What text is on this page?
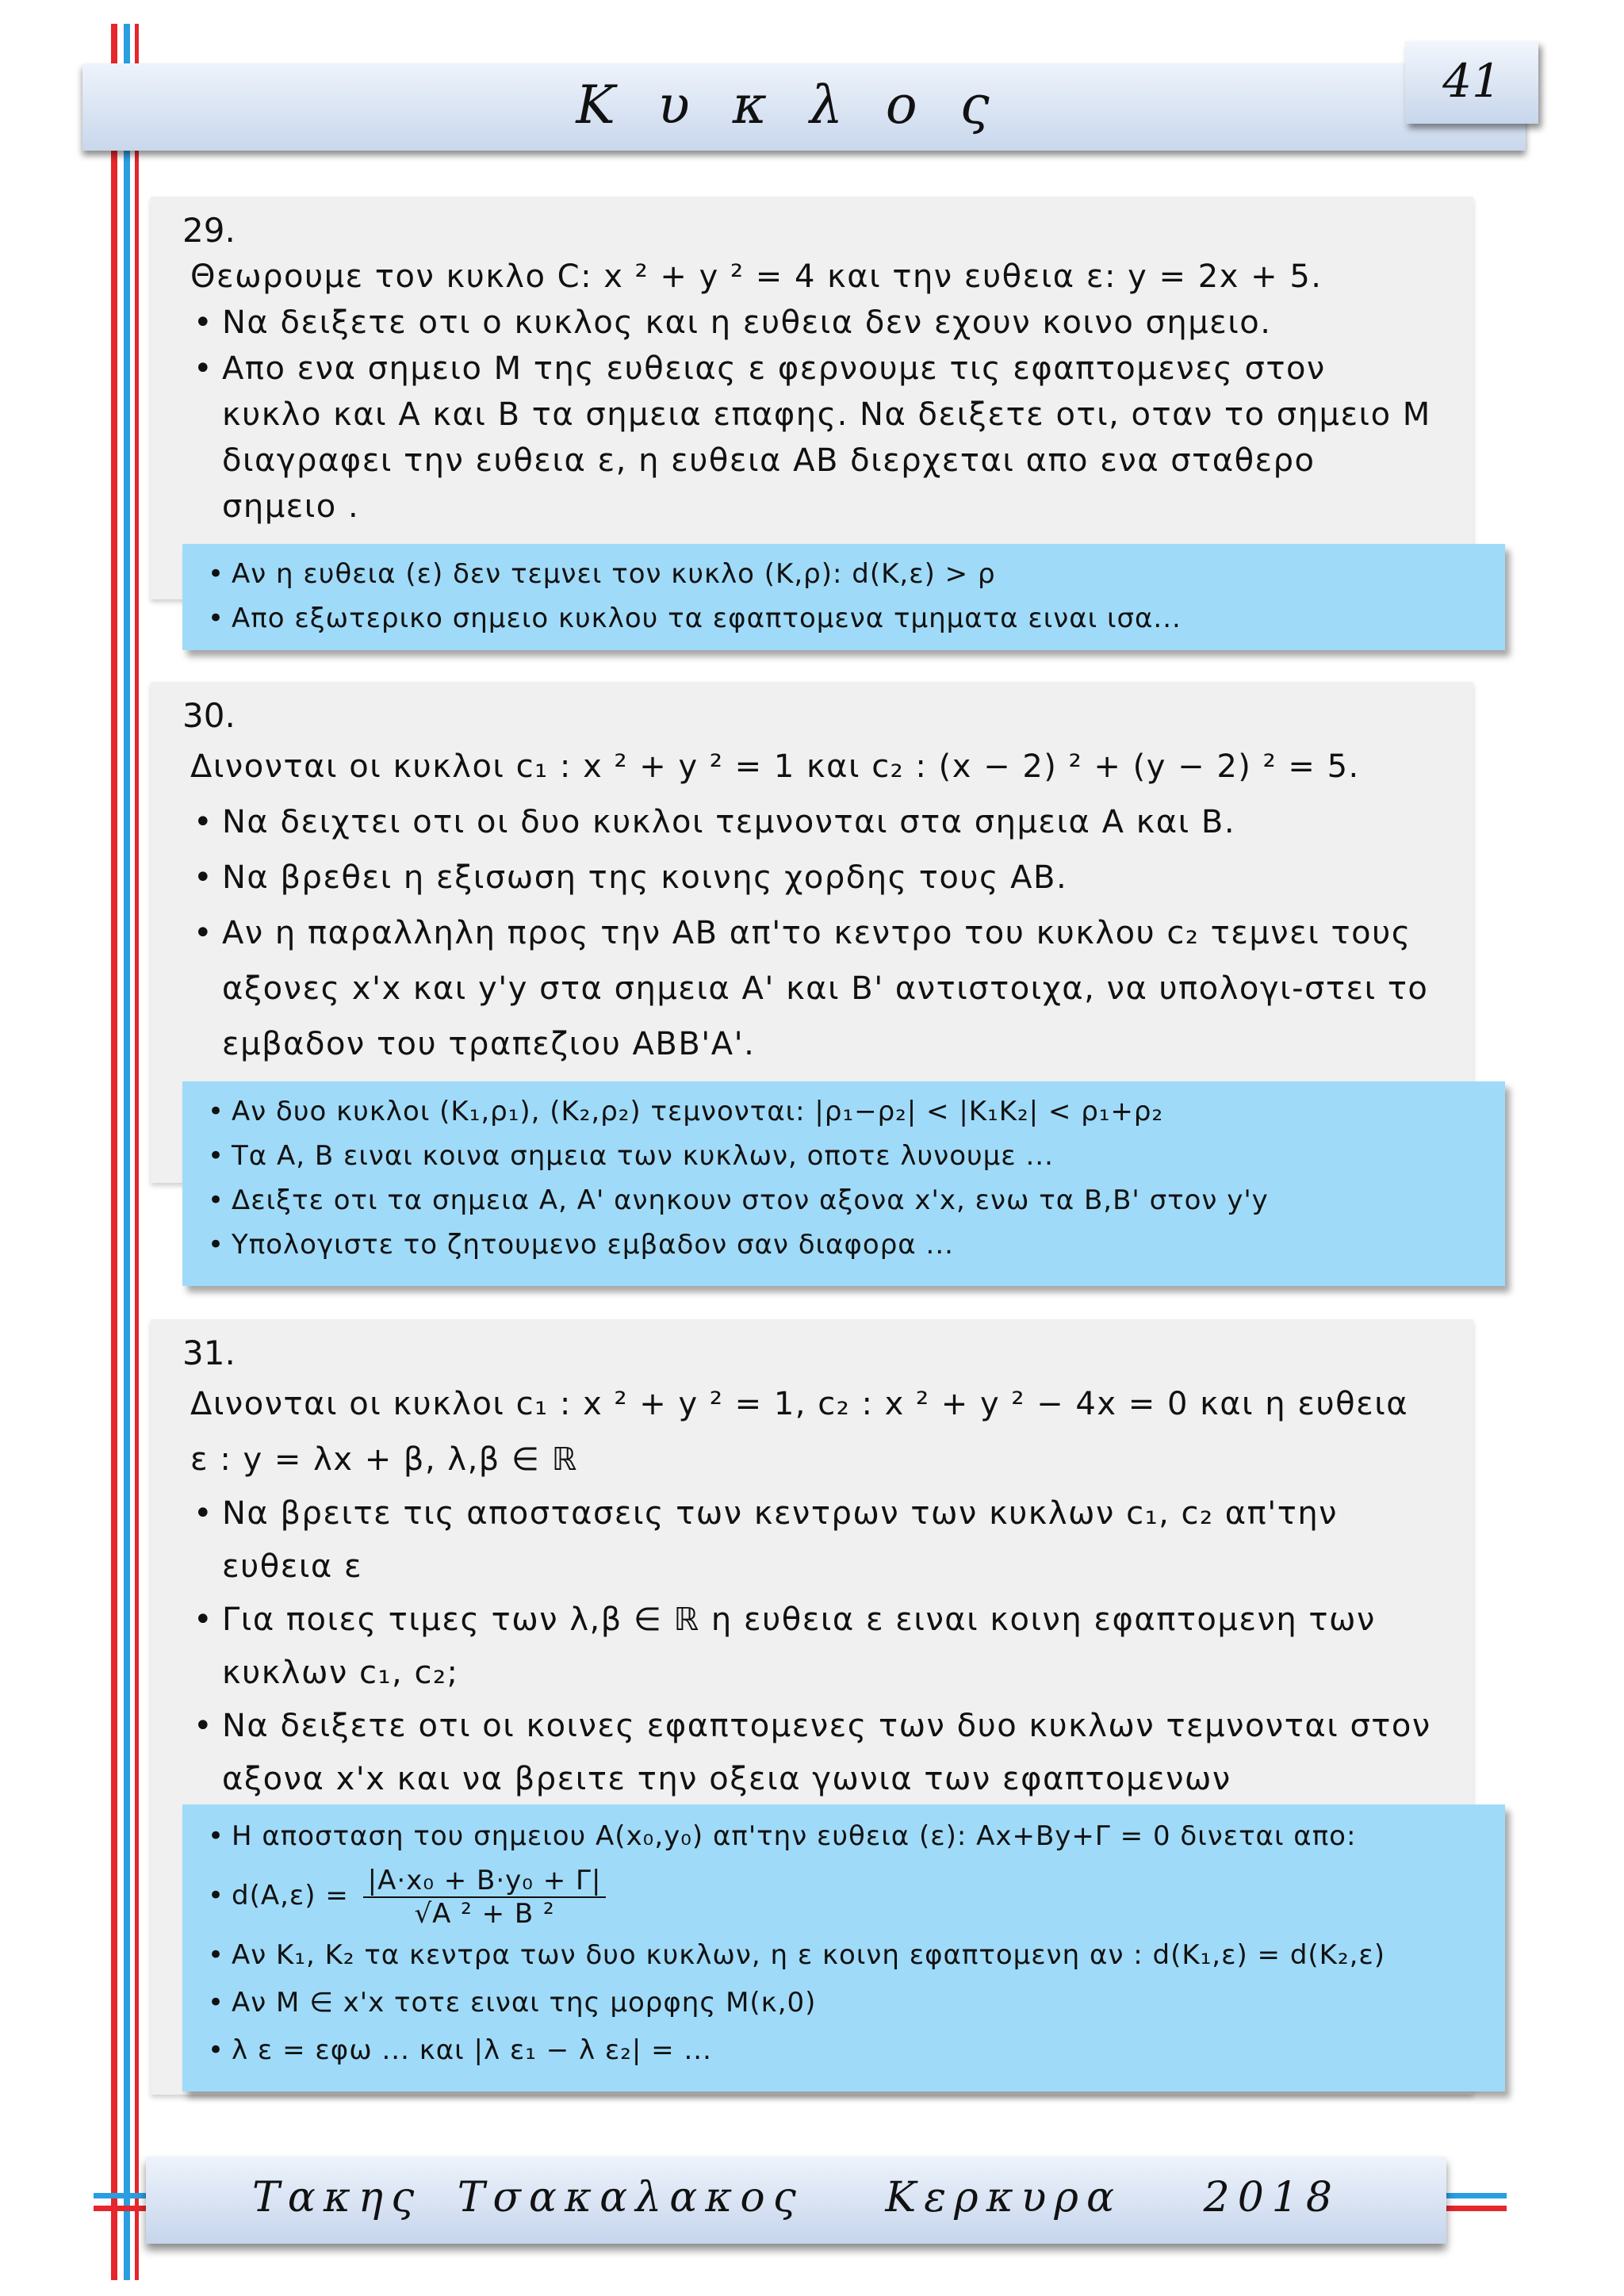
Κυκλος	41
29.
Θεωρουμε τον κυκλο C: x ² + y ² = 4 και την ευθεια ε: y = 2x + 5.
• Να δειξετε οτι ο κυκλος και η ευθεια δεν εχουν κοινο σημειο.
• Απο ενα σημειο Μ της ευθειας ε φερνουμε τις εφαπτομενες στον κυκλο και Α και Β τα σημεια επαφης. Να δειξετε οτι, οταν το σημειο Μ διαγραφει την ευθεια ε, η ευθεια ΑΒ διερχεται απο ενα σταθερο σημειο .
• Αν η ευθεια (ε) δεν τεμνει τον κυκλο (Κ,ρ): d(K,ε) > ρ
• Απο εξωτερικο σημειο κυκλου τα εφαπτομενα τμηματα ειναι ισα...
30.
Δινονται οι κυκλοι c₁ : x ² + y ² = 1 και c₂ : (x − 2) ² + (y − 2) ² = 5.
• Να δειχτει οτι οι δυο κυκλοι τεμνονται στα σημεια Α και Β.
• Να βρεθει η εξισωση της κοινης χορδης τους ΑΒ.
• Αν η παραλληλη προς την ΑΒ απ'το κεντρο του κυκλου c₂ τεμνει τους αξονες x'x και y'y στα σημεια Α' και Β' αντιστοιχα, να υπολογι‑στει το εμβαδον του τραπεζιου ΑΒΒ'Α'.
• Αν δυο κυκλοι (Κ₁,ρ₁), (Κ₂,ρ₂) τεμνονται: |ρ₁−ρ₂| < |Κ₁Κ₂| < ρ₁+ρ₂
• Τα Α, Β ειναι κοινα σημεια των κυκλων, οποτε λυνουμε ...
• Δειξτε οτι τα σημεια Α, Α' ανηκουν στον αξονα x'x, ενω τα Β,Β' στον y'y
• Υπολογιστε το ζητουμενο εμβαδον σαν διαφορα ...
31.
Δινονται οι κυκλοι c₁ : x ² + y ² = 1, c₂ : x ² + y ² − 4x = 0 και η ευθεια ε : y = λx + β, λ,β ∈ ℝ
• Να βρειτε τις αποστασεις των κεντρων των κυκλων c₁, c₂ απ'την ευθεια ε
• Για ποιες τιμες των λ,β ∈ ℝ η ευθεια ε ειναι κοινη εφαπτομενη των κυκλων c₁, c₂;
• Να δειξετε οτι οι κοινες εφαπτομενες των δυο κυκλων τεμνονται στον αξονα x'x και να βρειτε την οξεια γωνια των εφαπτομενων
• Η αποσταση του σημειου Α(x₀,y₀) απ'την ευθεια (ε): Αx+Βy+Γ = 0 δινεται απο:
• $d(A,\varepsilon) = \frac{\text{|A·x₀ + B·y₀ + Γ|}}{\text{√A ² + B ²}}$
• Αν Κ₁, Κ₂ τα κεντρα των δυο κυκλων, η ε κοινη εφαπτομενη αν : d(K₁,ε) = d(K₂,ε)
• Αν Μ ∈ x'x τοτε ειναι της μορφης Μ(κ,0)
• λ ε = εφω ... και |λ ε₁ − λ ε₂| = ...
Τακης Τσακαλακος Κερκυρα 2018
